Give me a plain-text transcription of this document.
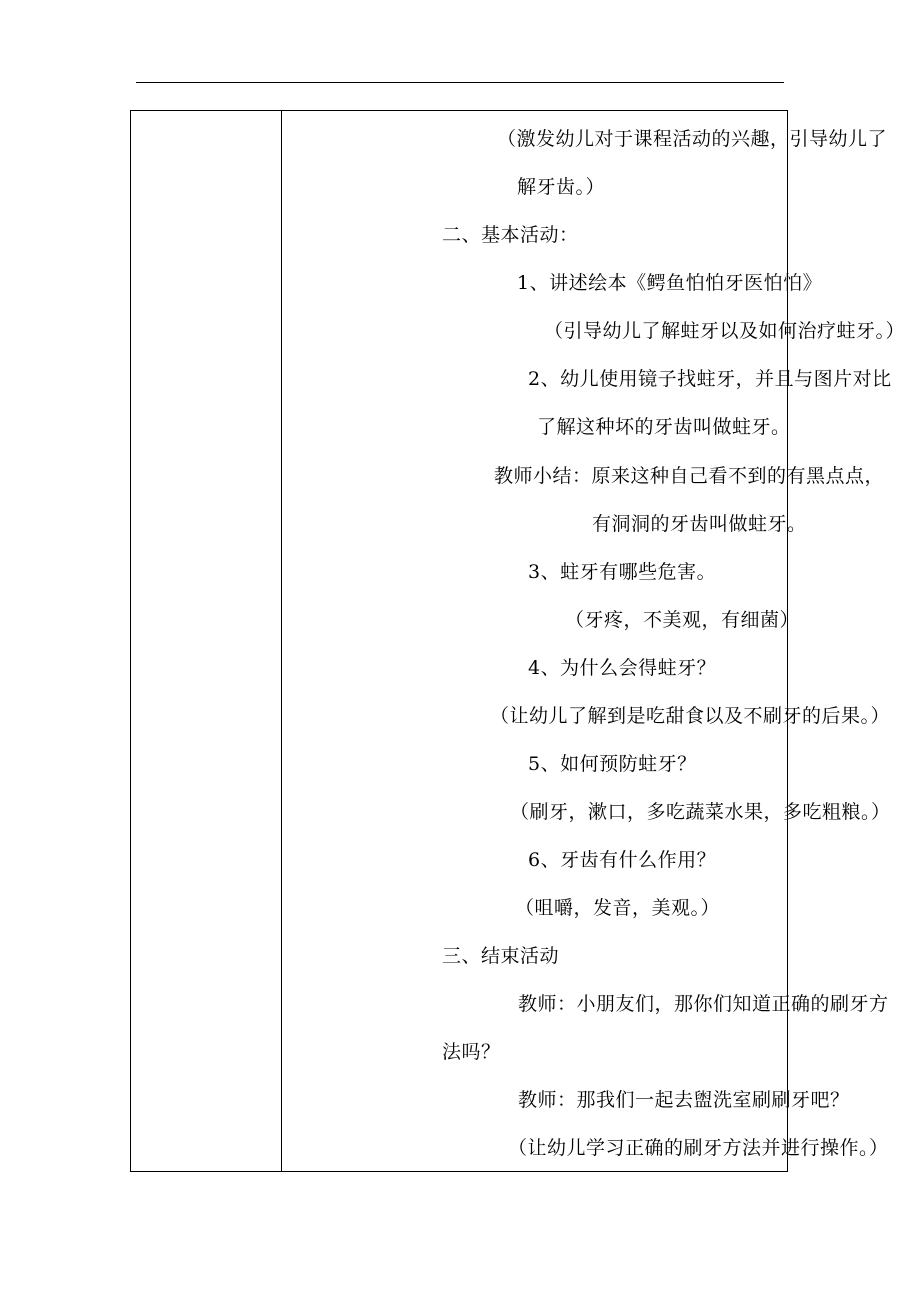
（激发幼儿对于课程活动的兴趣，引导幼儿了
解牙齿。）
二、基本活动：
1、讲述绘本《鳄鱼怕怕牙医怕怕》
（引导幼儿了解蛀牙以及如何治疗蛀牙。）
2、幼儿使用镜子找蛀牙，并且与图片对比
了解这种坏的牙齿叫做蛀牙。
教师小结：原来这种自己看不到的有黑点点，
有洞洞的牙齿叫做蛀牙。
3、蛀牙有哪些危害。
（牙疼，不美观，有细菌）
4、为什么会得蛀牙？
（让幼儿了解到是吃甜食以及不刷牙的后果。）
5、如何预防蛀牙？
（刷牙，漱口，多吃蔬菜水果，多吃粗粮。）
6、牙齿有什么作用？
（咀嚼，发音，美观。）
三、结束活动
教师：小朋友们，那你们知道正确的刷牙方
法吗？
教师：那我们一起去盥洗室刷刷牙吧？
（让幼儿学习正确的刷牙方法并进行操作。）
